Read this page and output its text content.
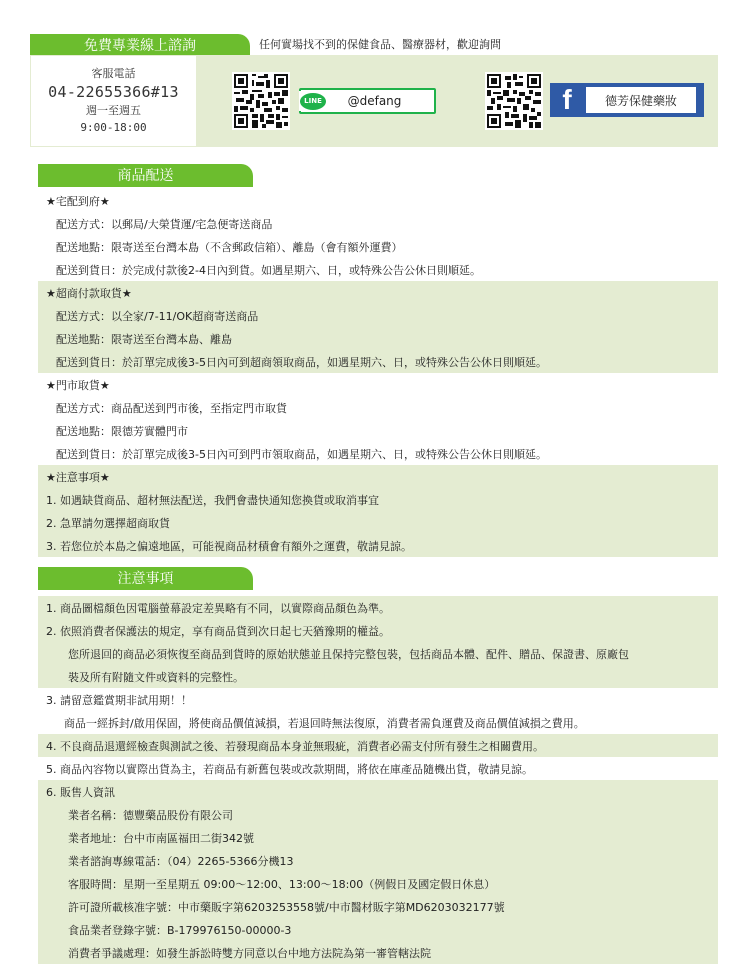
免費專業線上諮詢	任何實場找不到的保健食品、醫療器材，歡迎詢問
客服電話
04-22655366#13
週一至週五
9:00-18:00
@defang
LINE	f	德芳保健藥妝
商品配送
★宅配到府★
配送方式：以郵局/大榮貨運/宅急便寄送商品
配送地點：限寄送至台灣本島（不含郵政信箱）、離島（會有額外運費）
配送到貨日：於完成付款後2-4日內到貨。如遇星期六、日，或特殊公告公休日則順延。
★超商付款取貨★
配送方式：以全家/7-11/OK超商寄送商品
配送地點：限寄送至台灣本島、離島
配送到貨日：於訂單完成後3-5日內可到超商領取商品，如遇星期六、日，或特殊公告公休日則順延。
★門市取貨★
配送方式：商品配送到門市後，至指定門市取貨
配送地點：限德芳實體門市
配送到貨日：於訂單完成後3-5日內可到門市領取商品，如遇星期六、日，或特殊公告公休日則順延。
★注意事項★
1. 如遇缺貨商品、超材無法配送，我們會盡快通知您換貨或取消事宜
2. 急單請勿選擇超商取貨
3. 若您位於本島之偏遠地區，可能視商品材積會有額外之運費，敬請見諒。
注意事項
1. 商品圖檔顏色因電腦螢幕設定差異略有不同，以實際商品顏色為準。
2. 依照消費者保護法的規定，享有商品貨到次日起七天猶豫期的權益。
您所退回的商品必須恢復至商品到貨時的原始狀態並且保持完整包裝，包括商品本體、配件、贈品、保證書、原廠包
裝及所有附隨文件或資料的完整性。
3. 請留意鑑賞期非試用期！！
商品一經拆封/啟用保固，將使商品價值減損，若退回時無法復原，消費者需負運費及商品價值減損之費用。
4. 不良商品退還經檢查與測試之後、若發現商品本身並無瑕疵，消費者必需支付所有發生之相關費用。
5. 商品內容物以實際出貨為主，若商品有新舊包裝或改款期間，將依在庫產品隨機出貨，敬請見諒。
6. 販售人資訊
業者名稱：德豐藥品股份有限公司
業者地址：台中市南區福田二街342號
業者諮詢專線電話：（04）2265-5366分機13
客服時間：星期一至星期五 09:00～12:00、13:00～18:00（例假日及國定假日休息）
許可證所載核准字號：中市藥販字第6203253558號/中市醫材販字第MD6203032177號
食品業者登錄字號：B-179976150-00000-3
消費者爭議處理：如發生訴訟時雙方同意以台中地方法院為第一審管轄法院
